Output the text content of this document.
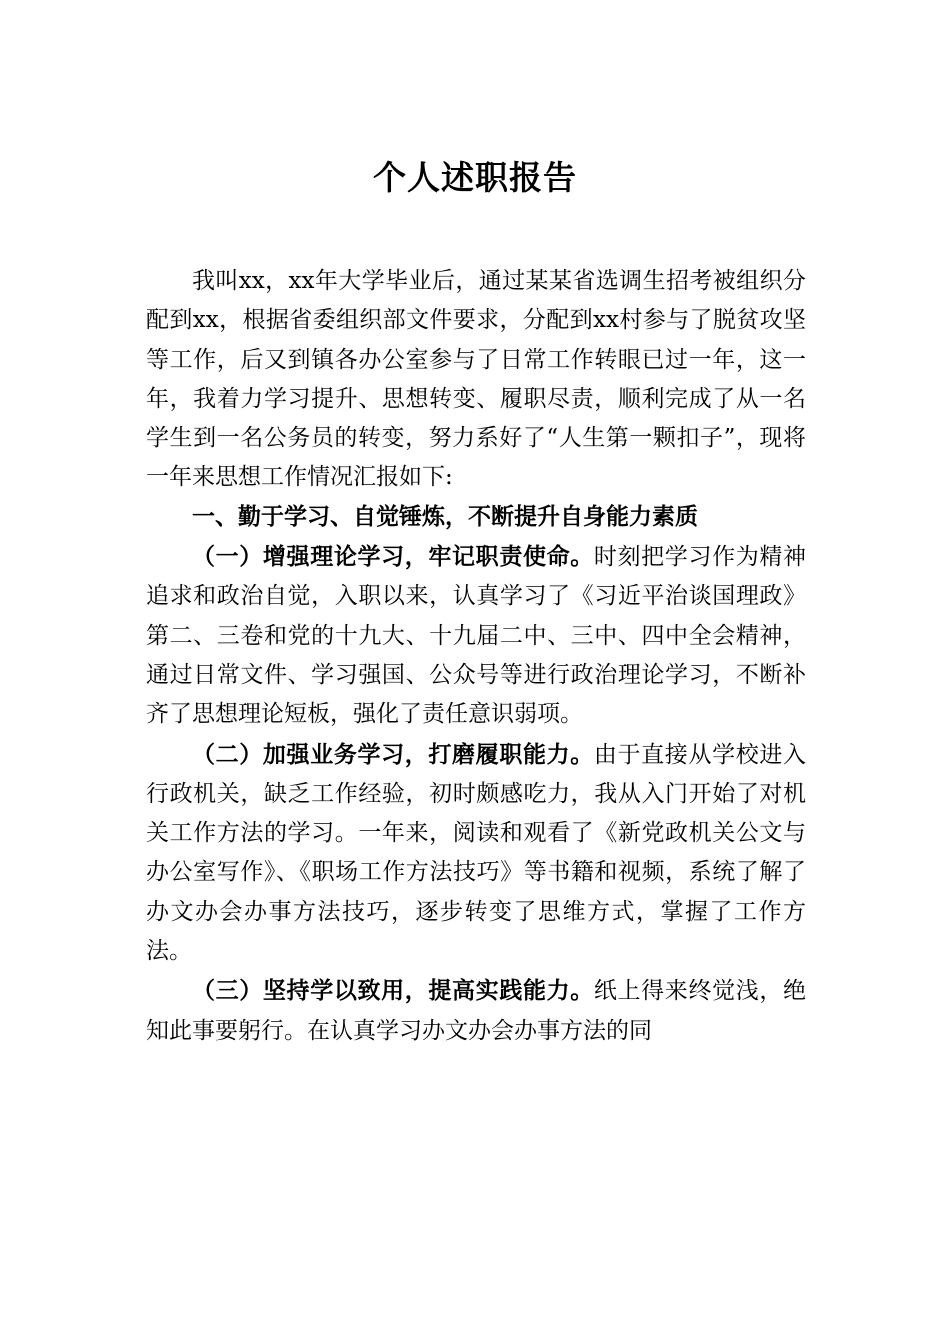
个人述职报告

我叫xx，xx年大学毕业后，通过某某省选调生招考被组织分配到xx，根据省委组织部文件要求，分配到xx村参与了脱贫攻坚等工作，后又到镇各办公室参与了日常工作转眼已过一年，这一年，我着力学习提升、思想转变、履职尽责，顺利完成了从一名学生到一名公务员的转变，努力系好了“人生第一颗扣子”，现将一年来思想工作情况汇报如下:

一、勤于学习、自觉锤炼，不断提升自身能力素质

（一）增强理论学习，牢记职责使命。时刻把学习作为精神追求和政治自觉，入职以来，认真学习了《习近平治谈国理政》第二、三卷和党的十九大、十九届二中、三中、四中全会精神，通过日常文件、学习强国、公众号等进行政治理论学习，不断补齐了思想理论短板，强化了责任意识弱项。

（二）加强业务学习，打磨履职能力。由于直接从学校进入行政机关，缺乏工作经验，初时颇感吃力，我从入门开始了对机关工作方法的学习。一年来，阅读和观看了《新党政机关公文与办公室写作》、《职场工作方法技巧》等书籍和视频，系统了解了办文办会办事方法技巧，逐步转变了思维方式，掌握了工作方法。

（三）坚持学以致用，提高实践能力。纸上得来终觉浅，绝知此事要躬行。在认真学习办文办会办事方法的同
